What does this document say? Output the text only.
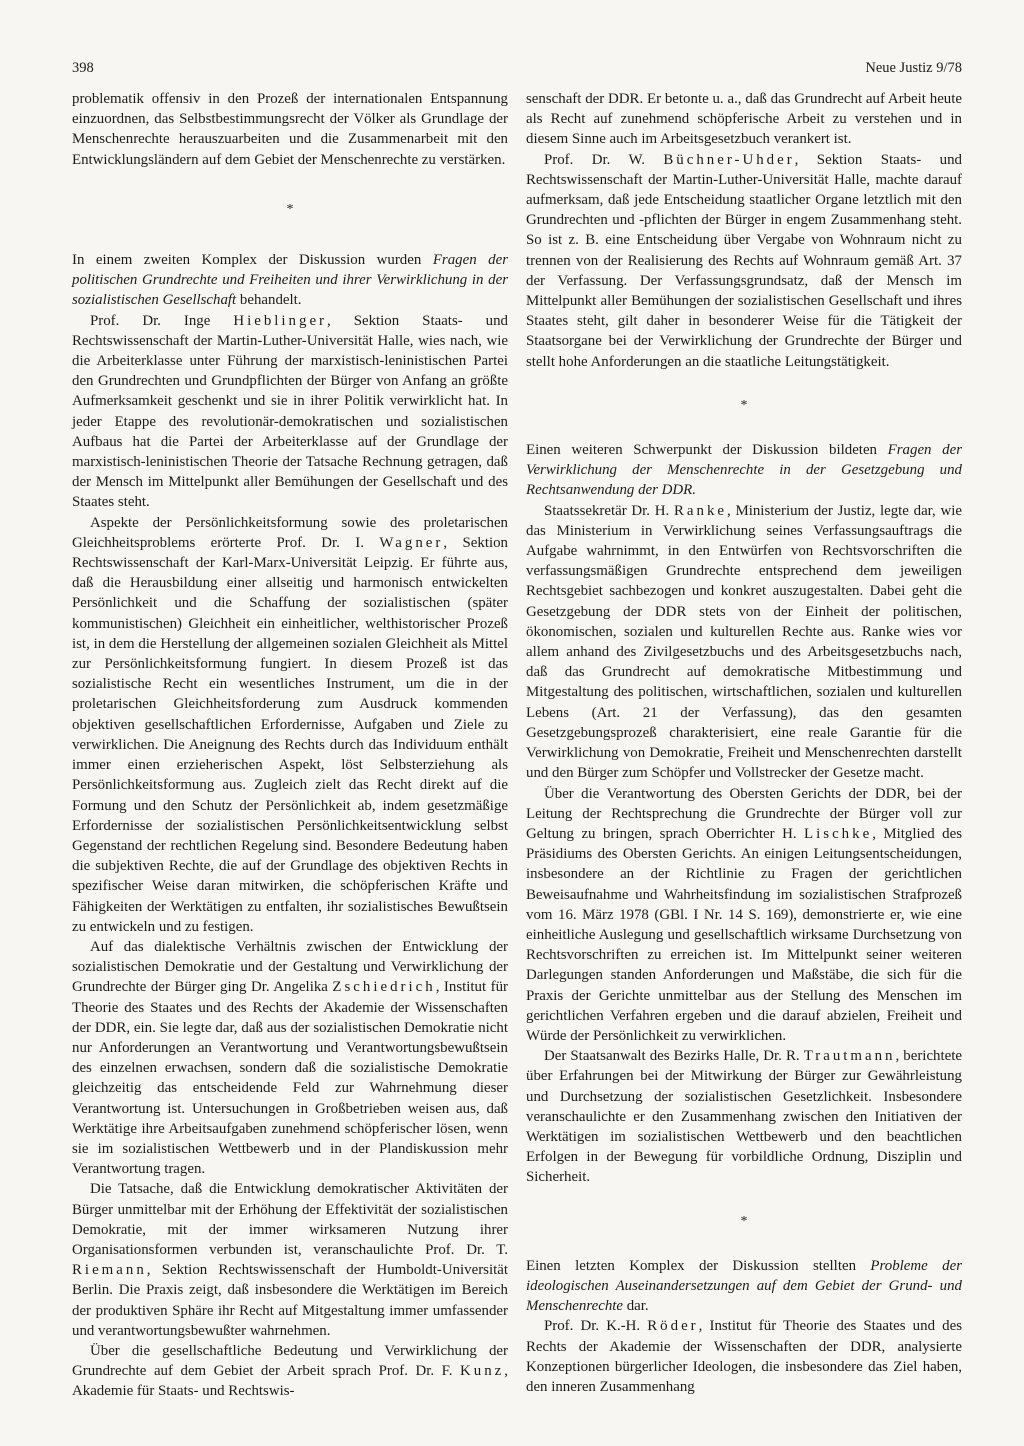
398	Neue Justiz 9/78

problematik offensiv in den Prozeß der internationalen Entspannung einzuordnen, das Selbstbestimmungsrecht der Völker als Grundlage der Menschenrechte herauszuarbeiten und die Zusammenarbeit mit den Entwicklungsländern auf dem Gebiet der Menschenrechte zu verstärken.

*

In einem zweiten Komplex der Diskussion wurden Fragen der politischen Grundrechte und Freiheiten und ihrer Verwirklichung in der sozialistischen Gesellschaft behandelt.

Prof. Dr. Inge Hieblinger, Sektion Staats- und Rechtswissenschaft der Martin-Luther-Universität Halle, wies nach, wie die Arbeiterklasse unter Führung der marxistisch-leninistischen Partei den Grundrechten und Grundpflichten der Bürger von Anfang an größte Aufmerksamkeit geschenkt und sie in ihrer Politik verwirklicht hat. In jeder Etappe des revolutionär-demokratischen und sozialistischen Aufbaus hat die Partei der Arbeiterklasse auf der Grundlage der marxistisch-leninistischen Theorie der Tatsache Rechnung getragen, daß der Mensch im Mittelpunkt aller Bemühungen der Gesellschaft und des Staates steht.

Aspekte der Persönlichkeitsformung sowie des proletarischen Gleichheitsproblems erörterte Prof. Dr. I. Wagner, Sektion Rechtswissenschaft der Karl-Marx-Universität Leipzig. Er führte aus, daß die Herausbildung einer allseitig und harmonisch entwickelten Persönlichkeit und die Schaffung der sozialistischen (später kommunistischen) Gleichheit ein einheitlicher, welthistorischer Prozeß ist, in dem die Herstellung der allgemeinen sozialen Gleichheit als Mittel zur Persönlichkeitsformung fungiert. In diesem Prozeß ist das sozialistische Recht ein wesentliches Instrument, um die in der proletarischen Gleichheitsforderung zum Ausdruck kommenden objektiven gesellschaftlichen Erfordernisse, Aufgaben und Ziele zu verwirklichen. Die Aneignung des Rechts durch das Individuum enthält immer einen erzieherischen Aspekt, löst Selbsterziehung als Persönlichkeitsformung aus. Zugleich zielt das Recht direkt auf die Formung und den Schutz der Persönlichkeit ab, indem gesetzmäßige Erfordernisse der sozialistischen Persönlichkeitsentwicklung selbst Gegenstand der rechtlichen Regelung sind. Besondere Bedeutung haben die subjektiven Rechte, die auf der Grundlage des objektiven Rechts in spezifischer Weise daran mitwirken, die schöpferischen Kräfte und Fähigkeiten der Werktätigen zu entfalten, ihr sozialistisches Bewußtsein zu entwickeln und zu festigen.

Auf das dialektische Verhältnis zwischen der Entwicklung der sozialistischen Demokratie und der Gestaltung und Verwirklichung der Grundrechte der Bürger ging Dr. Angelika Zschiedrich, Institut für Theorie des Staates und des Rechts der Akademie der Wissenschaften der DDR, ein. Sie legte dar, daß aus der sozialistischen Demokratie nicht nur Anforderungen an Verantwortung und Verantwortungsbewußtsein des einzelnen erwachsen, sondern daß die sozialistische Demokratie gleichzeitig das entscheidende Feld zur Wahrnehmung dieser Verantwortung ist. Untersuchungen in Großbetrieben weisen aus, daß Werktätige ihre Arbeitsaufgaben zunehmend schöpferischer lösen, wenn sie im sozialistischen Wettbewerb und in der Plandiskussion mehr Verantwortung tragen.

Die Tatsache, daß die Entwicklung demokratischer Aktivitäten der Bürger unmittelbar mit der Erhöhung der Effektivität der sozialistischen Demokratie, mit der immer wirksameren Nutzung ihrer Organisationsformen verbunden ist, veranschaulichte Prof. Dr. T. Riemann, Sektion Rechtswissenschaft der Humboldt-Universität Berlin. Die Praxis zeigt, daß insbesondere die Werktätigen im Bereich der produktiven Sphäre ihr Recht auf Mitgestaltung immer umfassender und verantwortungsbewußter wahrnehmen.

Über die gesellschaftliche Bedeutung und Verwirklichung der Grundrechte auf dem Gebiet der Arbeit sprach Prof. Dr. F. Kunz, Akademie für Staats- und Rechtswis-

senschaft der DDR. Er betonte u. a., daß das Grundrecht auf Arbeit heute als Recht auf zunehmend schöpferische Arbeit zu verstehen und in diesem Sinne auch im Arbeitsgesetzbuch verankert ist.

Prof. Dr. W. Büchner-Uhder, Sektion Staats- und Rechtswissenschaft der Martin-Luther-Universität Halle, machte darauf aufmerksam, daß jede Entscheidung staatlicher Organe letztlich mit den Grundrechten und -pflichten der Bürger in engem Zusammenhang steht. So ist z. B. eine Entscheidung über Vergabe von Wohnraum nicht zu trennen von der Realisierung des Rechts auf Wohnraum gemäß Art. 37 der Verfassung. Der Verfassungsgrundsatz, daß der Mensch im Mittelpunkt aller Bemühungen der sozialistischen Gesellschaft und ihres Staates steht, gilt daher in besonderer Weise für die Tätigkeit der Staatsorgane bei der Verwirklichung der Grundrechte der Bürger und stellt hohe Anforderungen an die staatliche Leitungstätigkeit.

*

Einen weiteren Schwerpunkt der Diskussion bildeten Fragen der Verwirklichung der Menschenrechte in der Gesetzgebung und Rechtsanwendung der DDR.

Staatssekretär Dr. H. Ranke, Ministerium der Justiz, legte dar, wie das Ministerium in Verwirklichung seines Verfassungsauftrags die Aufgabe wahrnimmt, in den Entwürfen von Rechtsvorschriften die verfassungsmäßigen Grundrechte entsprechend dem jeweiligen Rechtsgebiet sachbezogen und konkret auszugestalten. Dabei geht die Gesetzgebung der DDR stets von der Einheit der politischen, ökonomischen, sozialen und kulturellen Rechte aus. Ranke wies vor allem anhand des Zivilgesetzbuchs und des Arbeitsgesetzbuchs nach, daß das Grundrecht auf demokratische Mitbestimmung und Mitgestaltung des politischen, wirtschaftlichen, sozialen und kulturellen Lebens (Art. 21 der Verfassung), das den gesamten Gesetzgebungsprozeß charakterisiert, eine reale Garantie für die Verwirklichung von Demokratie, Freiheit und Menschenrechten darstellt und den Bürger zum Schöpfer und Vollstrecker der Gesetze macht.

Über die Verantwortung des Obersten Gerichts der DDR, bei der Leitung der Rechtsprechung die Grundrechte der Bürger voll zur Geltung zu bringen, sprach Oberrichter H. Lischke, Mitglied des Präsidiums des Obersten Gerichts. An einigen Leitungsentscheidungen, insbesondere an der Richtlinie zu Fragen der gerichtlichen Beweisaufnahme und Wahrheitsfindung im sozialistischen Strafprozeß vom 16. März 1978 (GBl. I Nr. 14 S. 169), demonstrierte er, wie eine einheitliche Auslegung und gesellschaftlich wirksame Durchsetzung von Rechtsvorschriften zu erreichen ist. Im Mittelpunkt seiner weiteren Darlegungen standen Anforderungen und Maßstäbe, die sich für die Praxis der Gerichte unmittelbar aus der Stellung des Menschen im gerichtlichen Verfahren ergeben und die darauf abzielen, Freiheit und Würde der Persönlichkeit zu verwirklichen.

Der Staatsanwalt des Bezirks Halle, Dr. R. Trautmann, berichtete über Erfahrungen bei der Mitwirkung der Bürger zur Gewährleistung und Durchsetzung der sozialistischen Gesetzlichkeit. Insbesondere veranschaulichte er den Zusammenhang zwischen den Initiativen der Werktätigen im sozialistischen Wettbewerb und den beachtlichen Erfolgen in der Bewegung für vorbildliche Ordnung, Disziplin und Sicherheit.

*

Einen letzten Komplex der Diskussion stellten Probleme der ideologischen Auseinandersetzungen auf dem Gebiet der Grund- und Menschenrechte dar.

Prof. Dr. K.-H. Röder, Institut für Theorie des Staates und des Rechts der Akademie der Wissenschaften der DDR, analysierte Konzeptionen bürgerlicher Ideologen, die insbesondere das Ziel haben, den inneren Zusammenhang
